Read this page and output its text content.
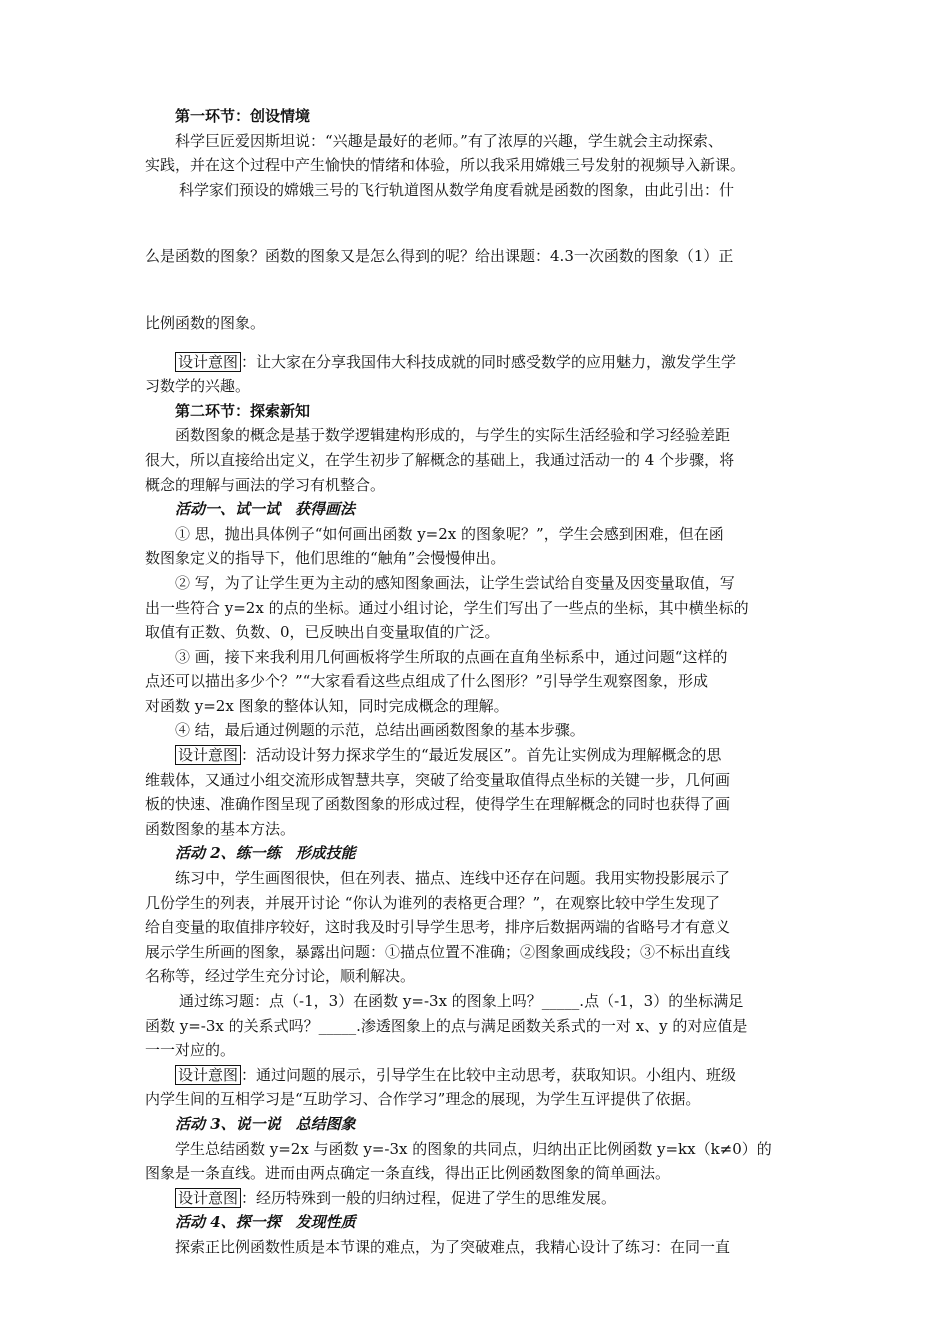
第一环节：创设情境
科学巨匠爱因斯坦说：“兴趣是最好的老师。”有了浓厚的兴趣，学生就会主动探索、
实践，并在这个过程中产生愉快的情绪和体验，所以我采用嫦娥三号发射的视频导入新课。
科学家们预设的嫦娥三号的飞行轨道图从数学角度看就是函数的图象，由此引出：什
么是函数的图象？函数的图象又是怎么得到的呢？给出课题：4.3一次函数的图象（1）正
比例函数的图象。
设计意图 ：让大家在分享我国伟大科技成就的同时感受数学的应用魅力，激发学生学
习数学的兴趣。
第二环节：探索新知
函数图象的概念是基于数学逻辑建构形成的，与学生的实际生活经验和学习经验差距
很大，所以直接给出定义，在学生初步了解概念的基础上，我通过活动一的 4 个步骤，将
概念的理解与画法的学习有机整合。
活动一、试一试　获得画法
① 思，抛出具体例子“如何画出函数 y=2x 的图象呢？”，学生会感到困难，但在函
数图象定义的指导下，他们思维的“触角”会慢慢伸出。
② 写，为了让学生更为主动的感知图象画法，让学生尝试给自变量及因变量取值，写
出一些符合 y=2x 的点的坐标。通过小组讨论，学生们写出了一些点的坐标，其中横坐标的
取值有正数、负数、0，已反映出自变量取值的广泛。
③ 画，接下来我利用几何画板将学生所取的点画在直角坐标系中，通过问题“这样的
点还可以描出多少个？”“大家看看这些点组成了什么图形？”引导学生观察图象，形成
对函数 y=2x 图象的整体认知，同时完成概念的理解。
④ 结，最后通过例题的示范，总结出画函数图象的基本步骤。
设计意图 ：活动设计努力探求学生的“最近发展区”。首先让实例成为理解概念的思
维载体，又通过小组交流形成智慧共享，突破了给变量取值得点坐标的关键一步，几何画
板的快速、准确作图呈现了函数图象的形成过程，使得学生在理解概念的同时也获得了画
函数图象的基本方法。
活动 2、练一练　形成技能
练习中，学生画图很快，但在列表、描点、连线中还存在问题。我用实物投影展示了
几份学生的列表，并展开讨论 “你认为谁列的表格更合理？”，在观察比较中学生发现了
给自变量的取值排序较好，这时我及时引导学生思考，排序后数据两端的省略号才有意义
展示学生所画的图象，暴露出问题：①描点位置不准确；②图象画成线段；③不标出直线
名称等，经过学生充分讨论，顺利解决。
通过练习题：点（-1，3）在函数 y=-3x 的图象上吗？_____.点（-1，3）的坐标满足
函数 y=-3x 的关系式吗？_____.渗透图象上的点与满足函数关系式的一对 x、y 的对应值是
一一对应的。
设计意图 ：通过问题的展示，引导学生在比较中主动思考，获取知识。小组内、班级
内学生间的互相学习是“互助学习、合作学习”理念的展现，为学生互评提供了依据。
活动 3、说一说　总结图象
学生总结函数 y=2x 与函数 y=-3x 的图象的共同点，归纳出正比例函数 y=kx（k≠0）的
图象是一条直线。进而由两点确定一条直线，得出正比例函数图象的简单画法。
设计意图 ：经历特殊到一般的归纳过程，促进了学生的思维发展。
活动 4、探一探　发现性质
探索正比例函数性质是本节课的难点，为了突破难点，我精心设计了练习：在同一直
